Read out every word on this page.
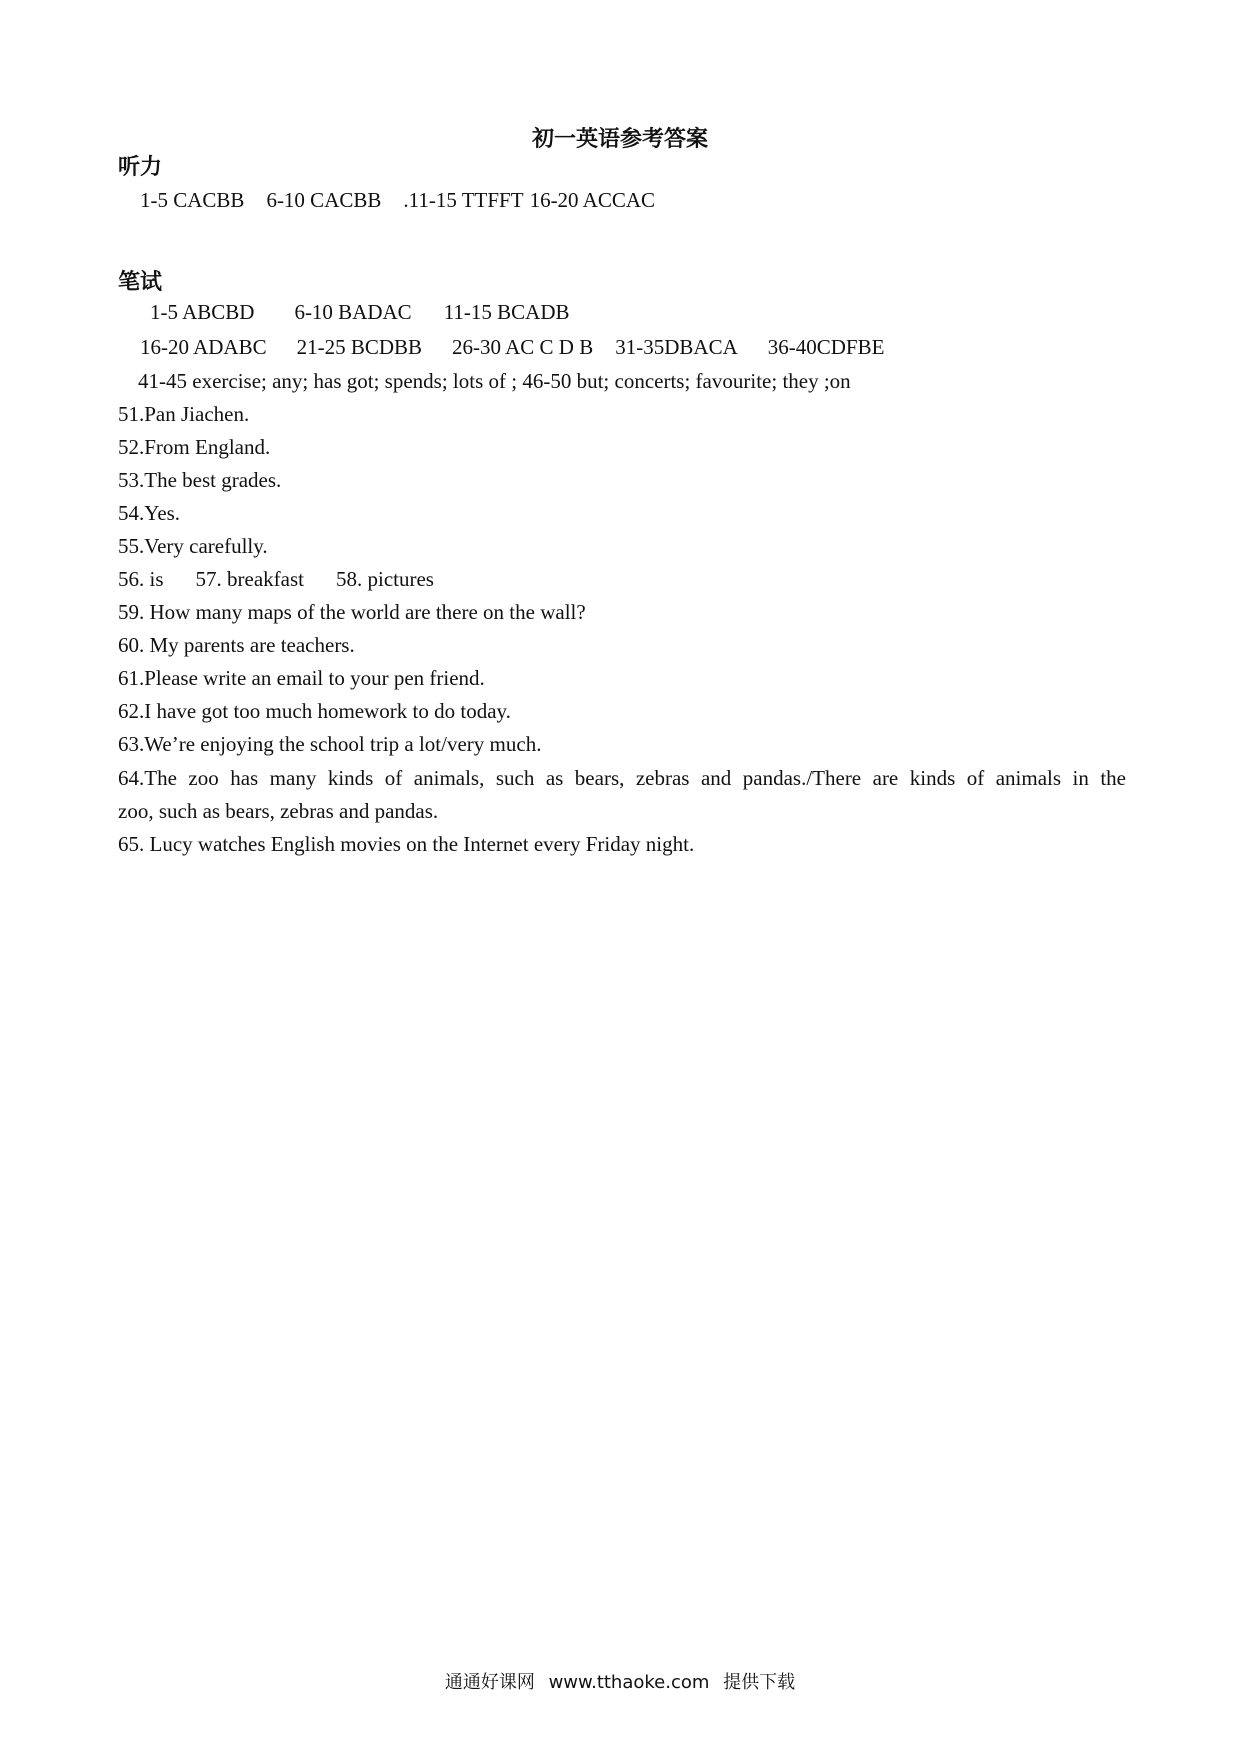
初一英语参考答案
听力
1-5 CACBB 6-10 CACBB .11-15 TTFFT 16-20 ACCAC
笔试
1-5 ABCBD 6-10 BADAC 11-15 BCADB
16-20 ADABC 21-25 BCDBB 26-30 AC C D B 31-35DBACA 36-40CDFBE
41-45 exercise; any; has got; spends; lots of ; 46-50 but; concerts; favourite; they ;on
51.Pan Jiachen.
52.From England.
53.The best grades.
54.Yes.
55.Very carefully.
56. is 57. breakfast 58. pictures
59. How many maps of the world are there on the wall?
60. My parents are teachers.
61.Please write an email to your pen friend.
62.I have got too much homework to do today.
63.We’re enjoying the school trip a lot/very much.
64.The zoo has many kinds of animals, such as bears, zebras and pandas./There are kinds of animals in the
zoo, such as bears, zebras and pandas.
65. Lucy watches English movies on the Internet every Friday night.
通通好课网 www.tthaoke.com 提供下载
